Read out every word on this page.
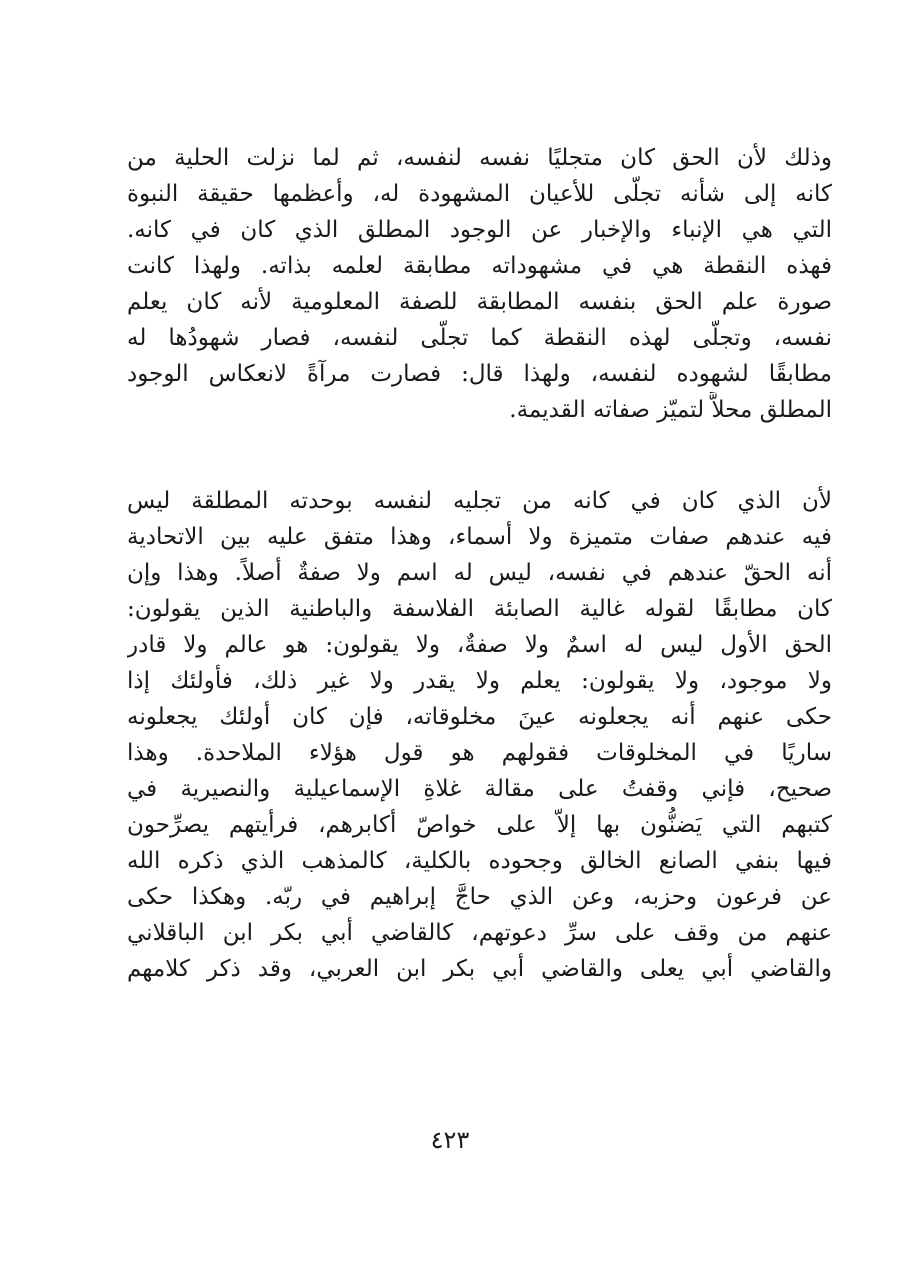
وذلك لأن الحق كان متجليًا نفسه لنفسه، ثم لما نزلت الحلية من
كانه إلى شأنه تجلَّى للأعيان المشهودة له، وأعظمها حقيقة النبوة
التي هي الإنباء والإخبار عن الوجود المطلق الذي كان في كانه.
فهذه النقطة هي في مشهوداته مطابقة لعلمه بذاته. ولهذا كانت
صورة علم الحق بنفسه المطابقة للصفة المعلومية لأنه كان يعلم
نفسه، وتجلَّى لهذه النقطة كما تجلَّى لنفسه، فصار شهودُها له
مطابقًا لشهوده لنفسه، ولهذا قال: فصارت مرآةً لانعكاس الوجود
المطلق محلاًّ لتميّز صفاته القديمة.
لأن الذي كان في كانه من تجليه لنفسه بوحدته المطلقة ليس
فيه عندهم صفات متميزة ولا أسماء، وهذا متفق عليه بين الاتحادية
أنه الحقّ عندهم في نفسه، ليس له اسم ولا صفةٌ أصلاً. وهذا وإن
كان مطابقًا لقوله غالية الصابئة الفلاسفة والباطنية الذين يقولون:
الحق الأول ليس له اسمٌ ولا صفةٌ، ولا يقولون: هو عالم ولا قادر
ولا موجود، ولا يقولون: يعلم ولا يقدر ولا غير ذلك، فأولئك إذا
حكى عنهم أنه يجعلونه عينَ مخلوقاته، فإن كان أولئك يجعلونه
ساريًا في المخلوقات فقولهم هو قول هؤلاء الملاحدة. وهذا
صحيح، فإني وقفتُ على مقالة غلاةِ الإسماعيلية والنصيرية في
كتبهم التي يَضنُّون بها إلاّ على خواصّ أكابرهم، فرأيتهم يصرِّحون
فيها بنفي الصانع الخالق وجحوده بالكلية، كالمذهب الذي ذكره الله
عن فرعون وحزبه، وعن الذي حاجَّ إبراهيم في ربّه. وهكذا حكى
عنهم من وقف على سرِّ دعوتهم، كالقاضي أبي بكر ابن الباقلاني
والقاضي أبي يعلى والقاضي أبي بكر ابن العربي، وقد ذكر كلامهم
٤٢٣
